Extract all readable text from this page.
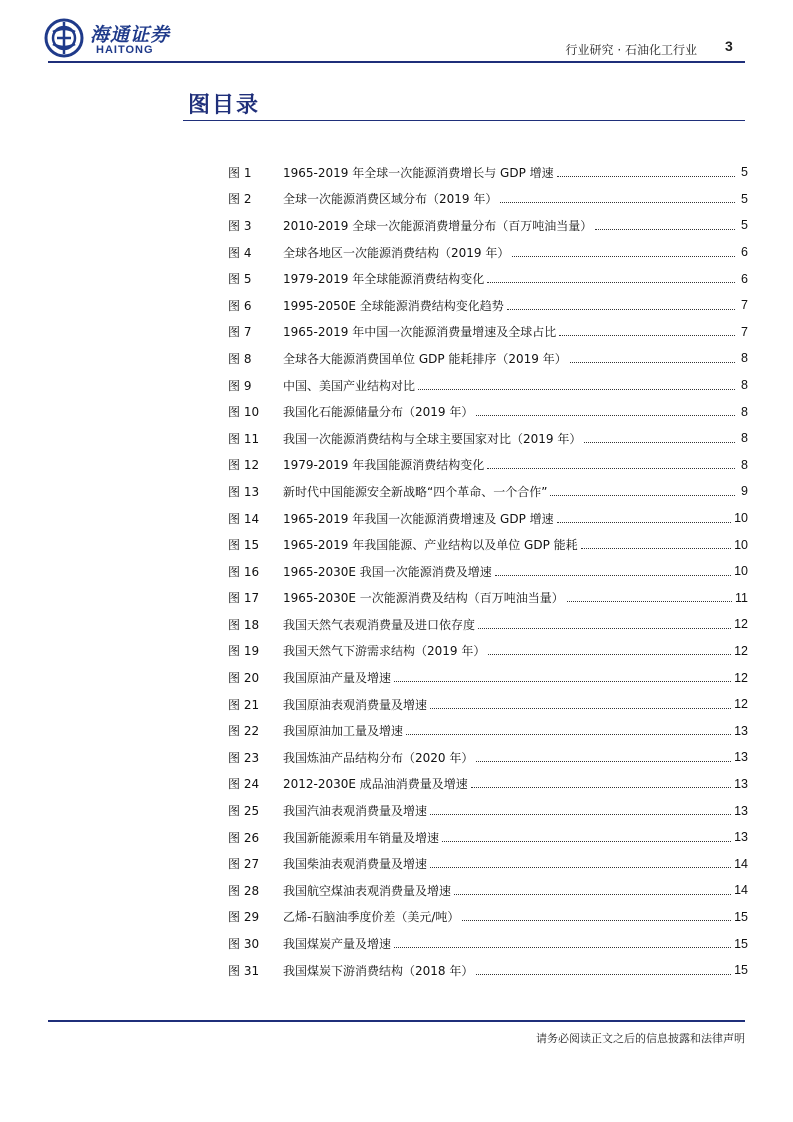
海通证券
HAITONG	行业研究 · 石油化工行业 3
图目录
图 1	1965-2019 年全球一次能源消费增长与 GDP 增速	5
图 2	全球一次能源消费区域分布（2019 年）	5
图 3	2010-2019 全球一次能源消费增量分布（百万吨油当量）	5
图 4	全球各地区一次能源消费结构（2019 年）	6
图 5	1979-2019 年全球能源消费结构变化	6
图 6	1995-2050E 全球能源消费结构变化趋势	7
图 7	1965-2019 年中国一次能源消费量增速及全球占比	7
图 8	全球各大能源消费国单位 GDP 能耗排序（2019 年）	8
图 9	中国、美国产业结构对比	8
图 10	我国化石能源储量分布（2019 年）	8
图 11	我国一次能源消费结构与全球主要国家对比（2019 年）	8
图 12	1979-2019 年我国能源消费结构变化	8
图 13	新时代中国能源安全新战略“四个革命、一个合作”	9
图 14	1965-2019 年我国一次能源消费增速及 GDP 增速	10
图 15	1965-2019 年我国能源、产业结构以及单位 GDP 能耗	10
图 16	1965-2030E 我国一次能源消费及增速	10
图 17	1965-2030E 一次能源消费及结构（百万吨油当量）	11
图 18	我国天然气表观消费量及进口依存度	12
图 19	我国天然气下游需求结构（2019 年）	12
图 20	我国原油产量及增速	12
图 21	我国原油表观消费量及增速	12
图 22	我国原油加工量及增速	13
图 23	我国炼油产品结构分布（2020 年）	13
图 24	2012-2030E 成品油消费量及增速	13
图 25	我国汽油表观消费量及增速	13
图 26	我国新能源乘用车销量及增速	13
图 27	我国柴油表观消费量及增速	14
图 28	我国航空煤油表观消费量及增速	14
图 29	乙烯-石脑油季度价差（美元/吨）	15
图 30	我国煤炭产量及增速	15
图 31	我国煤炭下游消费结构（2018 年）	15
请务必阅读正文之后的信息披露和法律声明
